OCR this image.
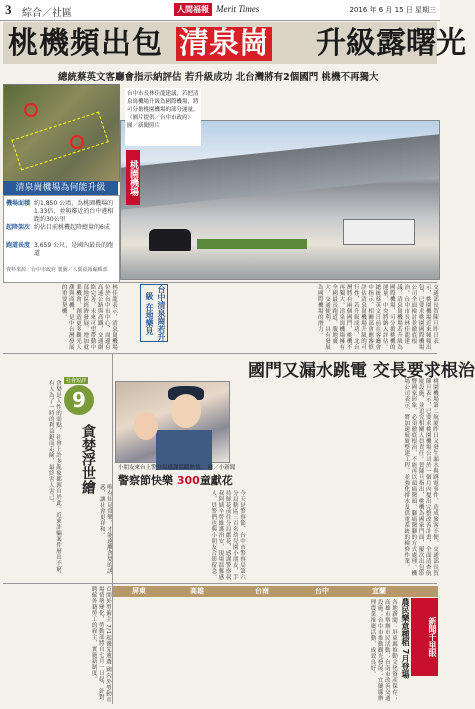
3 綜合／社區	人間福報 Merit Times	2016 年 6 月 15 日 星期三
桃機頻出包 清泉崗 升級露曙光
總統蔡英文客廳會指示納評估 若升級成功 北台灣將有2個國門 桃機不再獨大
清泉崗機場為何能升級
機場面積 約1,850 公頃，為桃園機場的1.33倍，並與鄰近的台中港相距約30公里
起降架次 約佔目前桃機起降總量的6成
跑道長度 3,659 公尺，是國內最長的跑道
資料來源／台中市政府 製圖／人間福報編輯部
台中市長林佳龍建議，若把清泉崗機場升級為國際機場，將可分擔桃園機場的部分運量。（圖片提供／台中市政府） 圖／新聞照片
桃園機場
交通部長賀陳旦昨日表示，桃園機場近來頻頻出包，已要求桃園國際機場公司全面檢討並徹底根治。台中市長林佳龍建議，清泉崗機場若升級為國際機場，可分擔桃機的運量，中央將納入評估。總統蔡英文日前在客廳會中指示，相關部會應審慎評估清泉崗機場升級的可行性，若升級成功，北台灣將有兩個國門，桃機不再獨大。清泉崗機場擁有全國最長跑道，腹地廣大，交通便利，具有發展為國際機場的潛力。
台中清泉崗若升級 在地樂見
林佳龍表示，清泉崗機場位於台中市中心，周邊有高速公路與高鐵，交通網絡完善，未來可望帶動中部地區經濟發展，增加就業機會，創造更多觀光人潮與商機，是中台灣發展的重要契機。
國門又漏水跳電 交長要求根治
桃園機場第二航廈昨日又發生漏水與跳電事件，造成旅客不便。交通部長賀陳旦表示，已要求桃園機場公司於一個月內提出完整改善計畫，全面清查航廈設施，並追究相關人員責任。賀陳旦指出，桃機為國家門面，屢次出包影響國家形象，必須徹底根治，不能再以頭痛醫頭、腳痛醫腳的方式處理。機場公司表示，將加速航廈整建工程，並強化排水及供電系統的檢修作業。
小朋友來台上警分局感謝溫暖熱情。 圖／小新聞
警察節快樂 300童獻花
今天是警察節，台中市警察局第六分局轄區三百名幼兒園小朋友，手持鮮花前往分局獻花，感謝警察叔叔阿姨辛勞維護治安，現場溫馨感人，員警們也與小朋友合影留念。
社會短評
9
貪婪浮世繪
貪婪是人性的弱點，社會上許多亂象都源自於此。近來詐騙案件層出不窮，有人為了一時的利益鋌而走險，最終害人害己。
唯有知足常樂，才能遠離貪婪的誘惑，讓社會更祥和。
屏東	高雄	台南	台中	宜蘭
首開外勞僱主 7/1起優先遴選 國內外勞動市場情勢變化，勞動部將自七月一日起，針對聘僱外籍勞工的雇主，實施新制度。	各地新聞：屏東縣推動文化資產保存；高雄市舉辦市民活動；台南市改善交通設施；台中市推動觀光發展；宜蘭縣辦理農業推廣活動，成效良好。	農民樂意種稻 7月登場	新聞千里眼
